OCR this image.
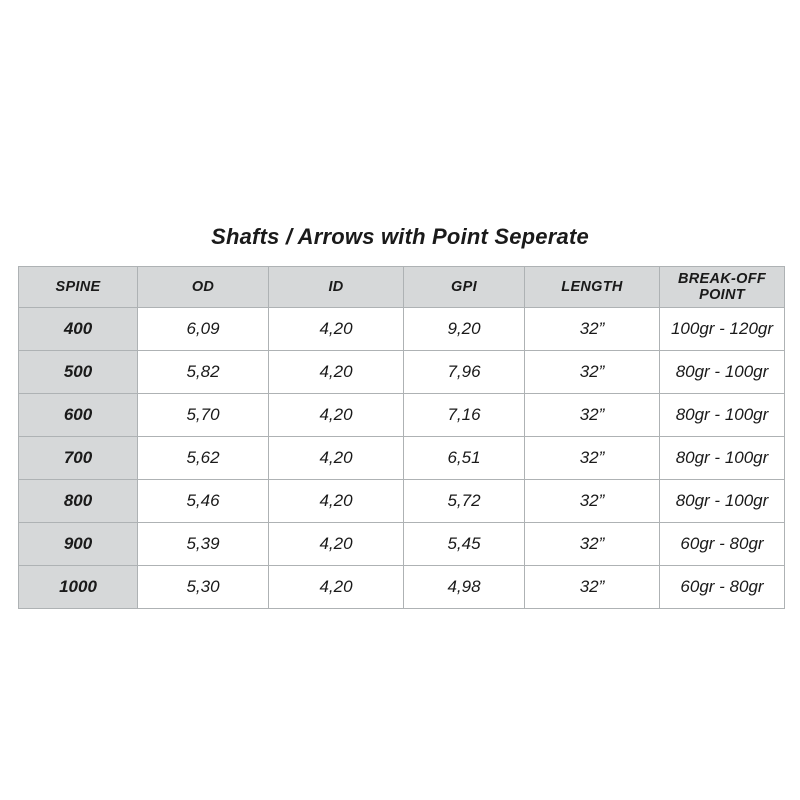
Shafts / Arrows with Point Seperate
SPINE	OD	ID	GPI	LENGTH	BREAK-OFF
POINT

400	6,09	4,20	9,20	32”	100gr - 120gr
500	5,82	4,20	7,96	32”	80gr - 100gr
600	5,70	4,20	7,16	32”	80gr - 100gr
700	5,62	4,20	6,51	32”	80gr - 100gr
800	5,46	4,20	5,72	32”	80gr - 100gr
900	5,39	4,20	5,45	32”	60gr - 80gr
1000	5,30	4,20	4,98	32”	60gr - 80gr
